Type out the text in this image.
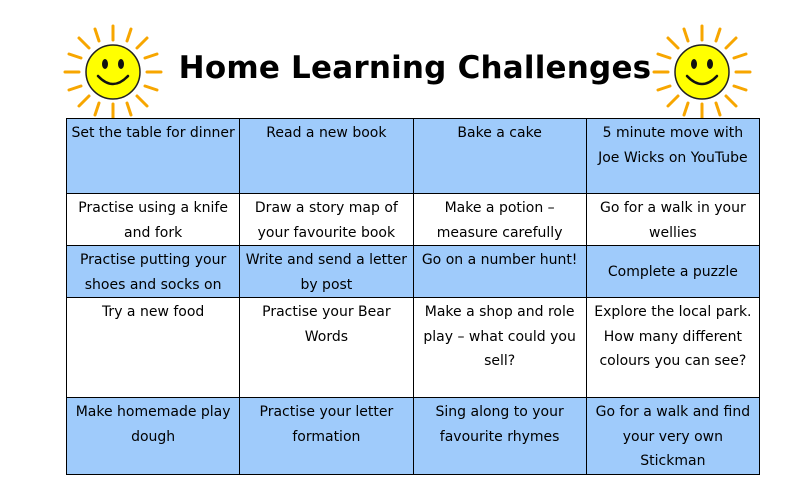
Home Learning Challenges
Set the table for dinner	Read a new book	Bake a cake	5 minute move with Joe Wicks on YouTube
Practise using a knife and fork	Draw a story map of your favourite book	Make a potion – measure carefully	Go for a walk in your wellies
Practise putting your shoes and socks on	Write and send a letter by post	Go on a number hunt!	Complete a puzzle
Try a new food	Practise your Bear Words	Make a shop and role play – what could you sell?	Explore the local park. How many different colours you can see?
Make homemade play dough	Practise your letter formation	Sing along to your favourite rhymes	Go for a walk and find your very own Stickman
